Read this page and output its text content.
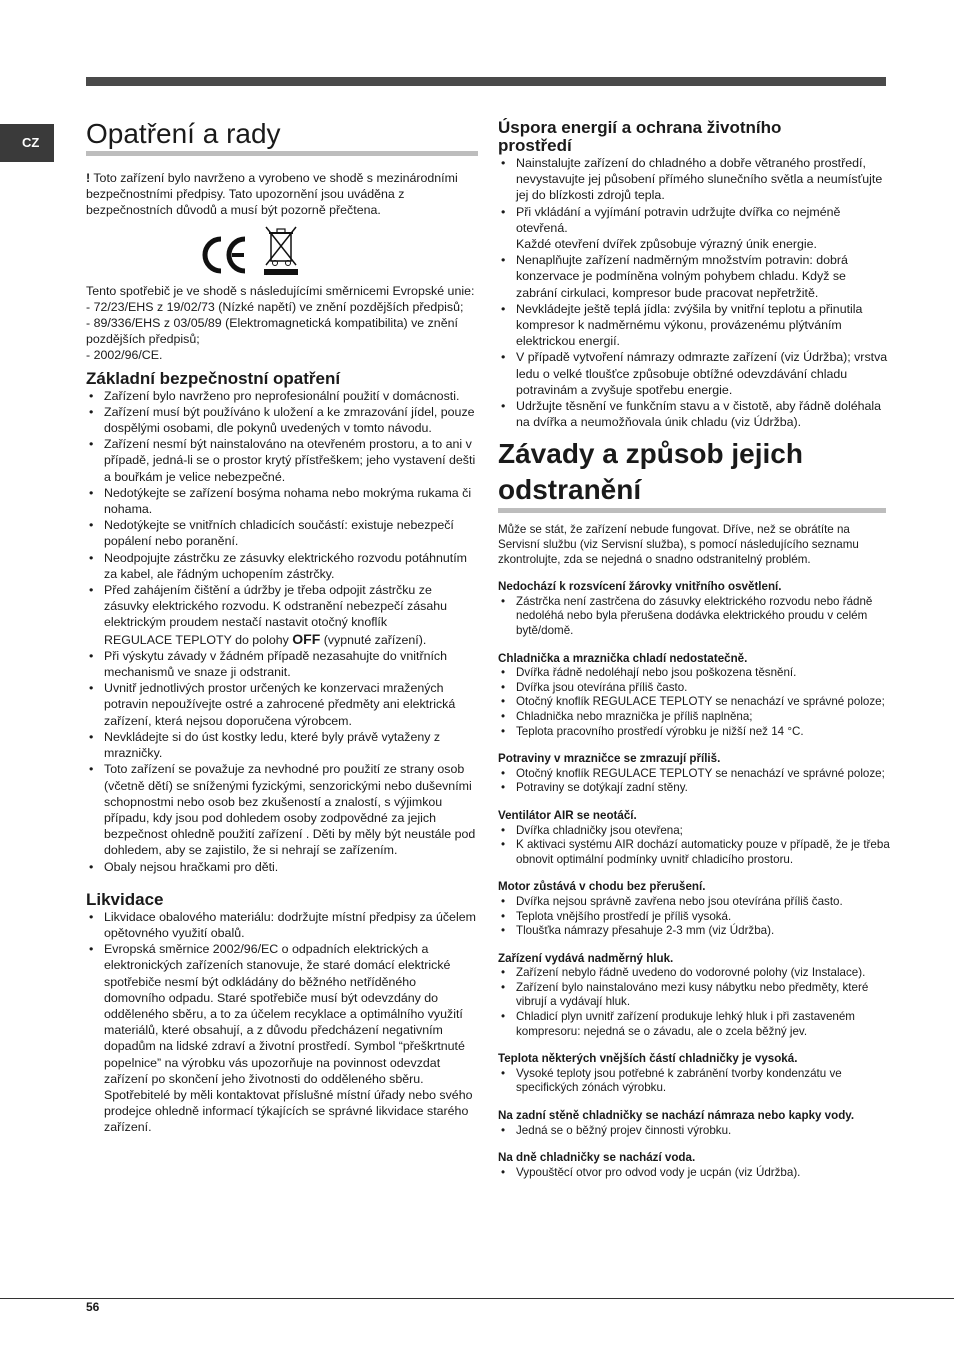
CZ	Opatření a rady

! Toto zařízení bylo navrženo a vyrobeno ve shodě s mezinárodními bezpečnostními předpisy. Tato upozornění jsou uváděna z bezpečnostních důvodů a musí být pozorně přečtena.

Tento spotřebič je ve shodě s následujícími směrnicemi Evropské unie:

- 72/23/EHS z 19/02/73 (Nízké napětí) ve znění pozdějších předpisů;

- 89/336/EHS z 03/05/89 (Elektromagnetická kompatibilita) ve znění pozdějších předpisů;

- 2002/96/CE.

Základní bezpečnostní opatření
• Zařízení bylo navrženo pro neprofesionální použití v domácnosti.
• Zařízení musí být používáno k uložení a ke zmrazování jídel, pouze dospělými osobami, dle pokynů uvedených v tomto návodu.
• Zařízení nesmí být nainstalováno na otevřeném prostoru, a to ani v případě, jedná-li se o prostor krytý přístřeškem; jeho vystavení dešti a bouřkám je velice nebezpečné.
• Nedotýkejte se zařízení bosýma nohama nebo mokrýma rukama či nohama.
• Nedotýkejte se vnitřních chladicích součástí: existuje nebezpečí popálení nebo poranění.
• Neodpojujte zástrčku ze zásuvky elektrického rozvodu potáhnutím za kabel, ale řádným uchopením zástrčky.
• Před zahájením čištění a údržby je třeba odpojit zástrčku ze zásuvky elektrického rozvodu. K odstranění nebezpečí zásahu elektrickým proudem nestačí nastavit otočný knoflík
REGULACE TEPLOTY do polohy OFF (vypnuté zařízení).
• Při výskytu závady v žádném případě nezasahujte do vnitřních mechanismů ve snaze ji odstranit.
• Uvnitř jednotlivých prostor určených ke konzervaci mražených potravin nepoužívejte ostré a zahrocené předměty ani elektrická zařízení, která nejsou doporučena výrobcem.
• Nevkládejte si do úst kostky ledu, které byly právě vytaženy z mrazničky.
• Toto zařízení se považuje za nevhodné pro použití ze strany osob (včetně dětí) se sníženými fyzickými, senzorickými nebo duševními schopnostmi nebo osob bez zkušeností a znalostí, s výjimkou případu, kdy jsou pod dohledem osoby zodpovědné za jejich bezpečnost ohledně použití zařízení . Děti by měly být neustále pod dohledem, aby se zajistilo, že si nehrají se zařízením.
• Obaly nejsou hračkami pro děti.
Likvidace
• Likvidace obalového materiálu: dodržujte místní předpisy za účelem opětovného využití obalů.
• Evropská směrnice 2002/96/EC o odpadních elektrických a elektronických zařízeních stanovuje, že staré domácí elektrické spotřebiče nesmí být odkládány do běžného netříděného domovního odpadu. Staré spotřebiče musí být odevzdány do odděleného sběru, a to za účelem recyklace a optimálního využití materiálů, které obsahují, a z důvodu předcházení negativním dopadům na lidské zdraví a životní prostředí. Symbol “přeškrtnuté popelnice” na výrobku vás upozorňuje na povinnost odevzdat zařízení po skončení jeho životnosti do odděleného sběru.

Spotřebitelé by měli kontaktovat příslušné místní úřady nebo svého prodejce ohledně informací týkajících se správné likvidace starého zařízení.

Úspora energií a ochrana životního prostředí
• Nainstalujte zařízení do chladného a dobře větraného prostředí, nevystavujte jej působení přímého slunečního světla a neumísťujte jej do blízkosti zdrojů tepla.
• Při vkládání a vyjímání potravin udržujte dvířka co nejméně otevřená.
Každé otevření dvířek způsobuje výrazný únik energie.
• Nenaplňujte zařízení nadměrným množstvím potravin: dobrá konzervace je podmíněna volným pohybem chladu. Když se zabrání cirkulaci, kompresor bude pracovat nepřetržitě.
• Nevkládejte ještě teplá jídla: zvýšila by vnitřní teplotu a přinutila kompresor k nadměrnému výkonu, provázenému plýtváním elektrickou energií.
• V případě vytvoření námrazy odmrazte zařízení (viz Údržba); vrstva ledu o velké tloušťce způsobuje obtížné odevzdávání chladu potravinám a zvyšuje spotřebu energie.
• Udržujte těsnění ve funkčním stavu a v čistotě, aby řádně doléhala na dvířka a neumožňovala únik chladu (viz Údržba).
Závady a způsob jejich
odstranění

Může se stát, že zařízení nebude fungovat. Dříve, než se obrátíte na Servisní službu (viz Servisní služba), s pomocí následujícího seznamu zkontrolujte, zda se nejedná o snadno odstranitelný problém.

Nedochází k rozsvícení žárovky vnitřního osvětlení.
• Zástrčka není zastrčena do zásuvky elektrického rozvodu nebo řádně nedoléhá nebo byla přerušena dodávka elektrického proudu v celém bytě/domě.
Chladnička a mraznička chladí nedostatečně.
• Dvířka řádně nedoléhají nebo jsou poškozena těsnění.
• Dvířka jsou otevírána příliš často.
• Otočný knoflík REGULACE TEPLOTY se nenachází ve správné poloze;
• Chladnička nebo mraznička je příliš naplněna;
• Teplota pracovního prostředí výrobku je nižší než 14 °C.
Potraviny v mrazničce se zmrazují příliš.
• Otočný knoflík REGULACE TEPLOTY se nenachází ve správné poloze;
• Potraviny se dotýkají zadní stěny.
Ventilátor AIR se neotáčí.
• Dvířka chladničky jsou otevřena;
• K aktivaci systému AIR dochází automaticky pouze v případě, že je třeba obnovit optimální podmínky uvnitř chladicího prostoru.
Motor zůstává v chodu bez přerušení.
• Dvířka nejsou správně zavřena nebo jsou otevírána příliš často.
• Teplota vnějšího prostředí je příliš vysoká.
• Tloušťka námrazy přesahuje 2-3 mm (viz Údržba).
Zařízení vydává nadměrný hluk.
• Zařízení nebylo řádně uvedeno do vodorovné polohy (viz Instalace).
• Zařízení bylo nainstalováno mezi kusy nábytku nebo předměty, které vibrují a vydávají hluk.
• Chladicí plyn uvnitř zařízení produkuje lehký hluk i při zastaveném kompresoru: nejedná se o závadu, ale o zcela běžný jev.
Teplota některých vnějších částí chladničky je vysoká.
• Vysoké teploty jsou potřebné k zabránění tvorby kondenzátu ve specifických zónách výrobku.
Na zadní stěně chladničky se nachází námraza nebo kapky vody.
• Jedná se o běžný projev činnosti výrobku.
Na dně chladničky se nachází voda.
• Vypouštěcí otvor pro odvod vody je ucpán (viz Údržba).
56
